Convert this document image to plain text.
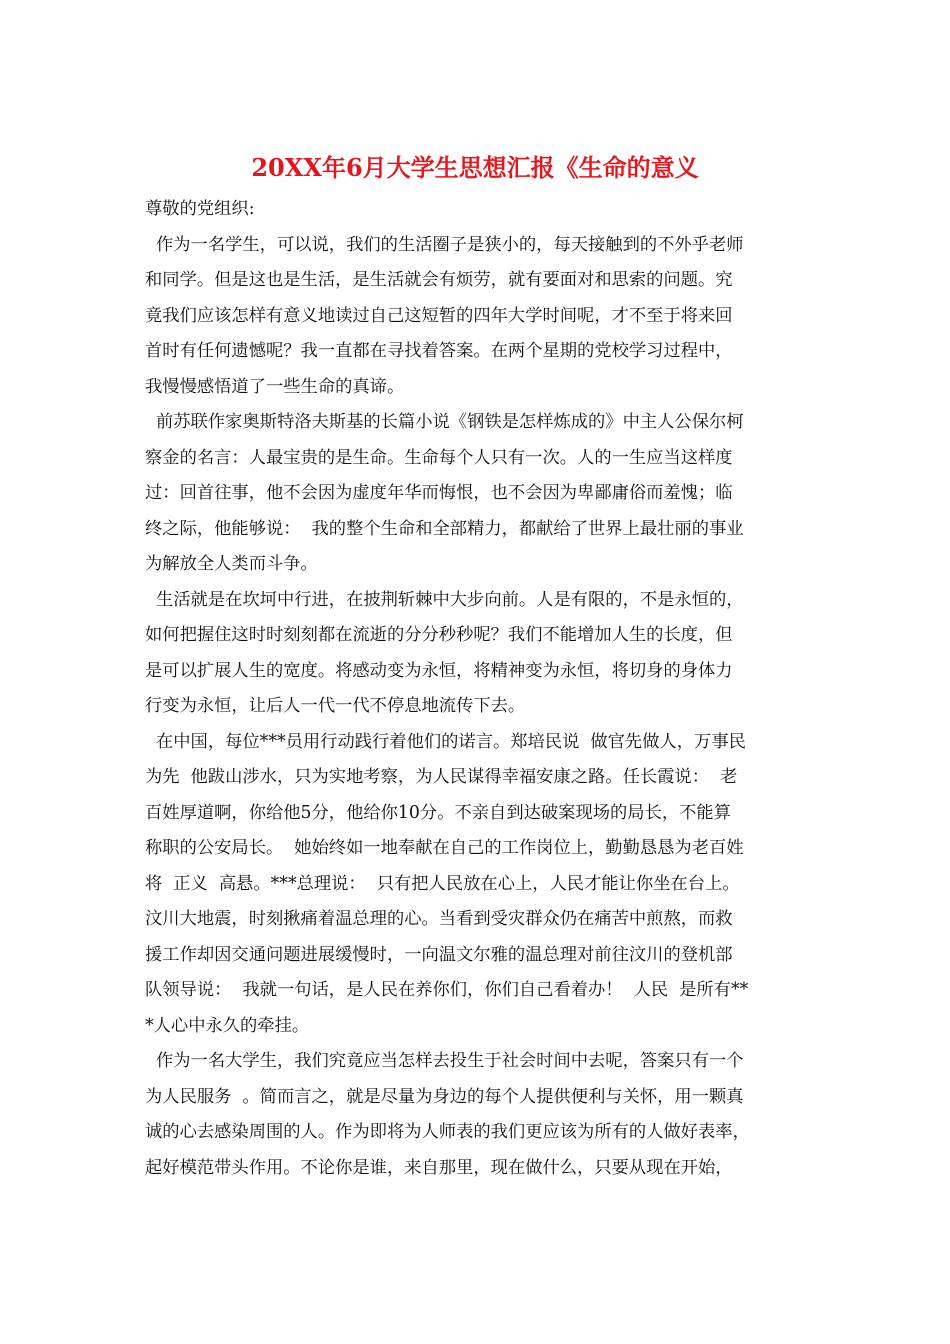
20XX年6月大学生思想汇报《生命的意义
尊敬的党组织:
作为一名学生，可以说，我们的生活圈子是狭小的，每天接触到的不外乎老师
和同学。但是这也是生活，是生活就会有烦劳，就有要面对和思索的问题。究
竟我们应该怎样有意义地读过自己这短暂的四年大学时间呢，才不至于将来回
首时有任何遗憾呢？我一直都在寻找着答案。在两个星期的党校学习过程中，
我慢慢感悟道了一些生命的真谛。
前苏联作家奥斯特洛夫斯基的长篇小说《钢铁是怎样炼成的》中主人公保尔柯
察金的名言：人最宝贵的是生命。生命每个人只有一次。人的一生应当这样度
过：回首往事，他不会因为虚度年华而悔恨，也不会因为卑鄙庸俗而羞愧；临
终之际，他能够说：  我的整个生命和全部精力，都献给了世界上最壮丽的事业
为解放全人类而斗争。
生活就是在坎坷中行进，在披荆斩棘中大步向前。人是有限的，不是永恒的，
如何把握住这时时刻刻都在流逝的分分秒秒呢？我们不能增加人生的长度，但
是可以扩展人生的宽度。将感动变为永恒，将精神变为永恒，将切身的身体力
行变为永恒，让后人一代一代不停息地流传下去。
在中国，每位***员用行动践行着他们的诺言。郑培民说  做官先做人，万事民
为先  他跋山涉水，只为实地考察，为人民谋得幸福安康之路。任长霞说：  老
百姓厚道啊，你给他5分，他给你10分。不亲自到达破案现场的局长，不能算
称职的公安局长。  她始终如一地奉献在自己的工作岗位上，勤勤恳恳为老百姓
将  正义  高悬。***总理说：  只有把人民放在心上，人民才能让你坐在台上。
汶川大地震，时刻揪痛着温总理的心。当看到受灾群众仍在痛苦中煎熬，而救
援工作却因交通问题进展缓慢时，一向温文尔雅的温总理对前往汶川的登机部
队领导说：  我就一句话，是人民在养你们，你们自己看着办！  人民  是所有**
*人心中永久的牵挂。
作为一名大学生，我们究竟应当怎样去投生于社会时间中去呢，答案只有一个
为人民服务  。简而言之，就是尽量为身边的每个人提供便利与关怀，用一颗真
诚的心去感染周围的人。作为即将为人师表的我们更应该为所有的人做好表率，
起好模范带头作用。不论你是谁，来自那里，现在做什么，只要从现在开始，
